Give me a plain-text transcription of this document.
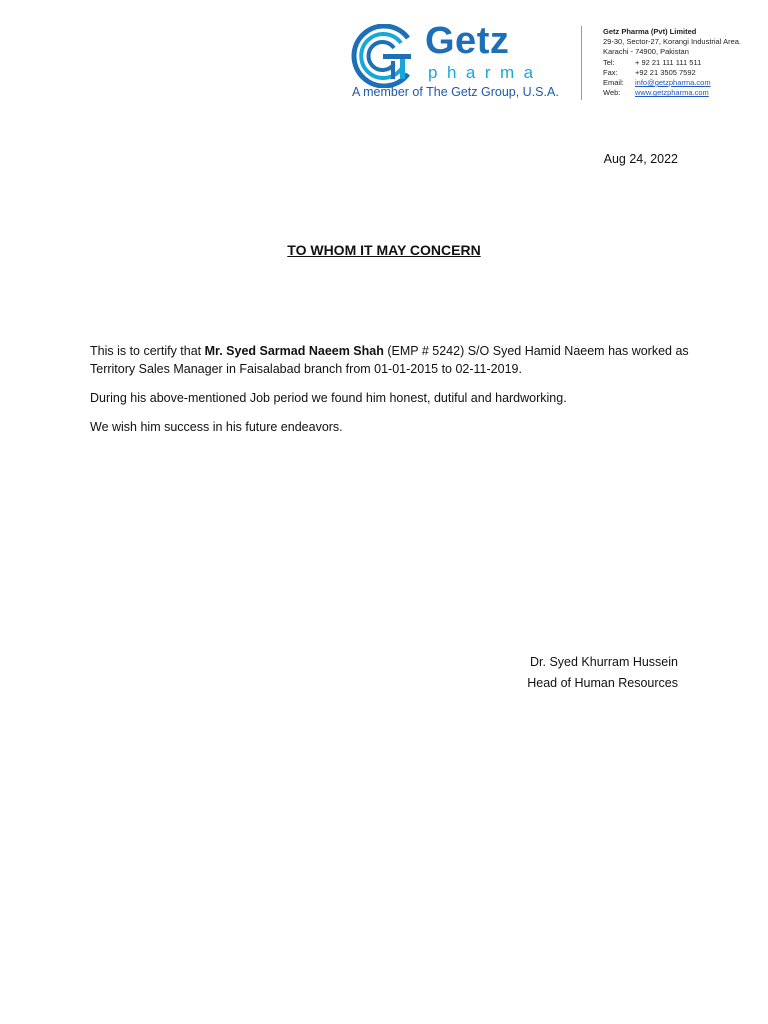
Getz
pharma
A member of The Getz Group, U.S.A.
Getz Pharma (Pvt) Limited
29-30, Sector-27, Korangi Industrial Area.
Karachi - 74900, Pakistan
Tel:	+ 92 21 111 111 511
Fax:	+92 21 3505 7592
Email:	info@getzpharma.com
Web:	www.getzpharma.com
Aug 24, 2022
TO WHOM IT MAY CONCERN

This is to certify that Mr. Syed Sarmad Naeem Shah (EMP # 5242) S/O Syed Hamid Naeem has worked as Territory Sales Manager in Faisalabad branch from 01-01-2015 to 02-11-2019.

During his above-mentioned Job period we found him honest, dutiful and hardworking.

We wish him success in his future endeavors.

Dr. Syed Khurram Hussein
Head of Human Resources
